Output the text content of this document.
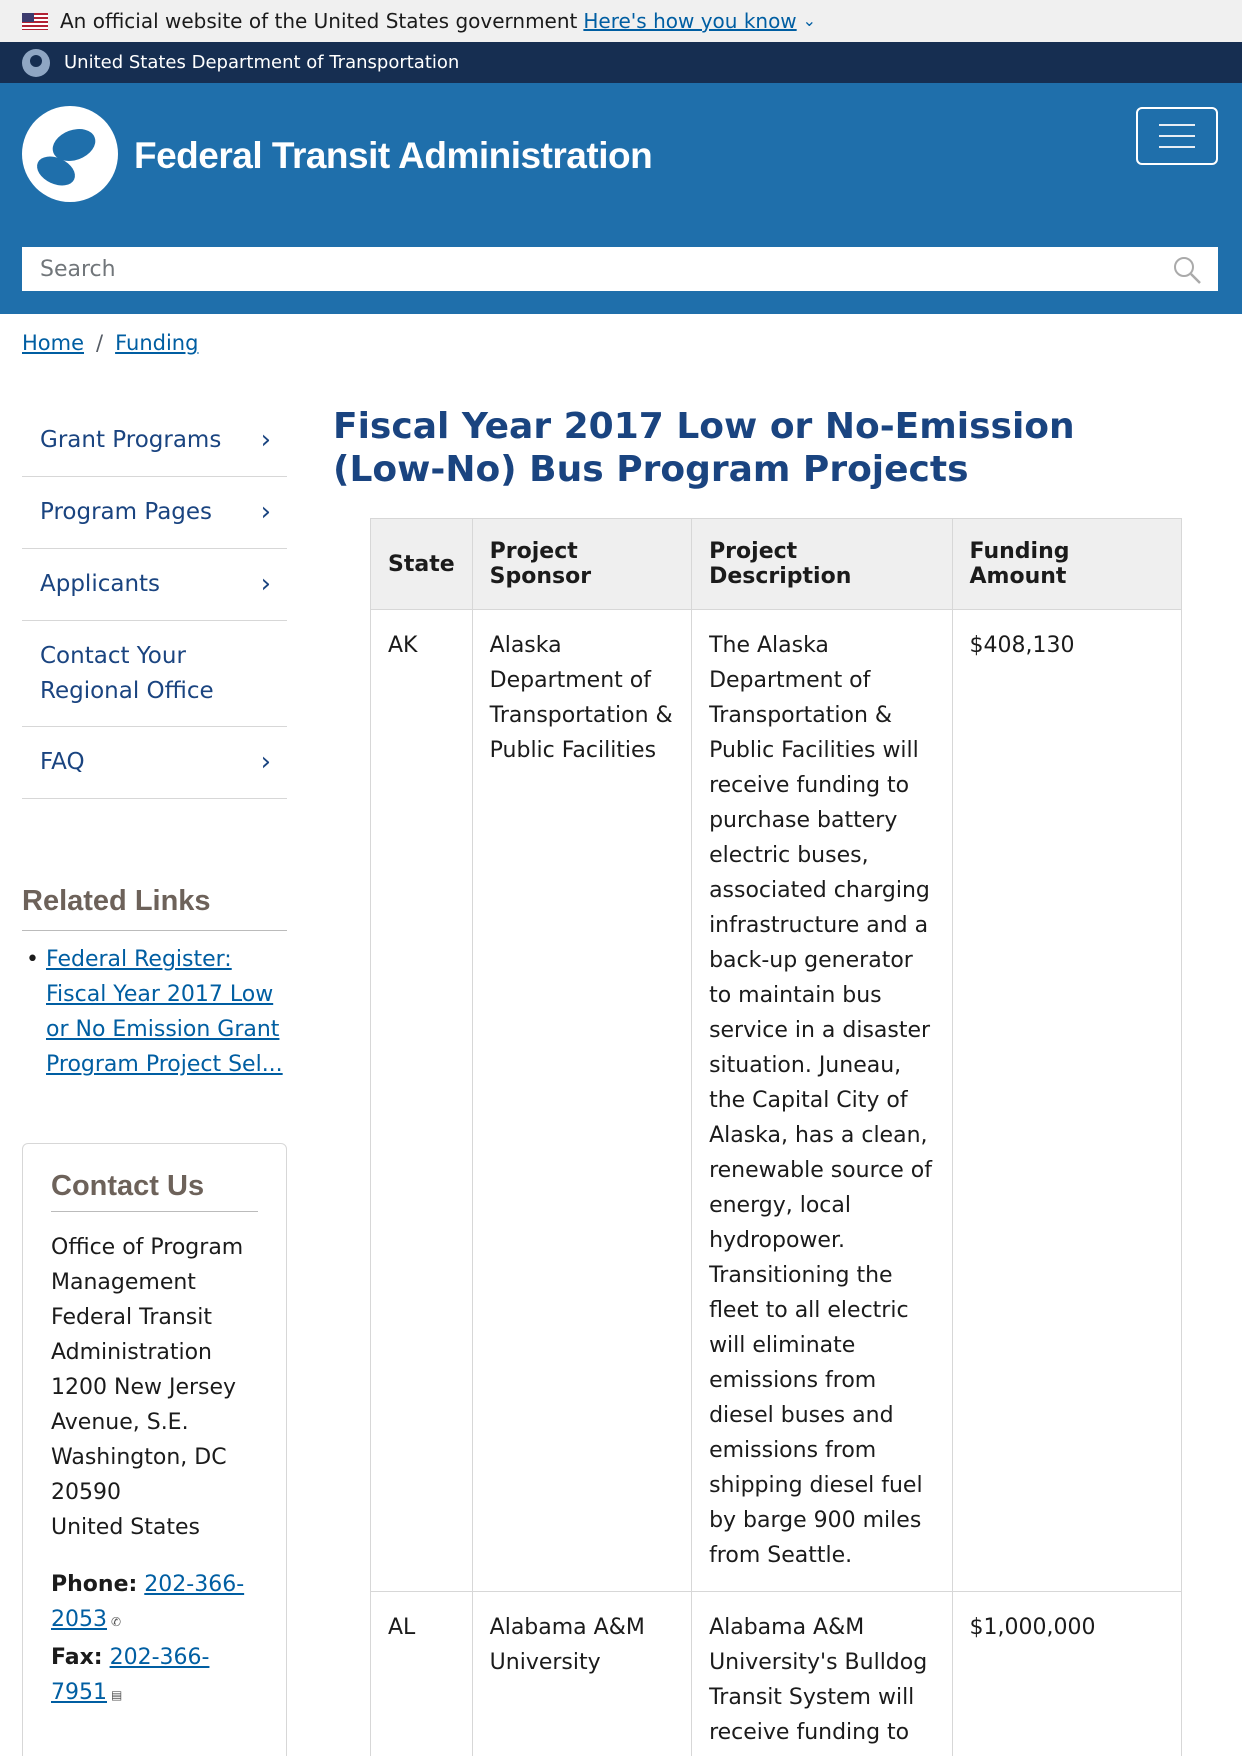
An official website of the United States government Here's how you know ⌄
United States Department of Transportation
Federal Transit Administration
Search
Home / Funding
Grant Programs ›
Program Pages ›
Applicants	›
Contact Your Regional Office
FAQ	›
Related Links
• Federal Register: Fiscal Year 2017 Low or No Emission Grant Program Project Sel...
Contact Us
Office of Program Management
Federal Transit Administration
1200 New Jersey Avenue, S.E.
Washington, DC 20590
United States
Phone: 202-366-2053 ✆
Fax: 202-366-7951 ▤
Fiscal Year 2017 Low or No-Emission (Low-No) Bus Program Projects
State	Project Sponsor	Project Description	Funding Amount
AK	Alaska Department of Transportation & Public Facilities	The Alaska Department of Transportation & Public Facilities will receive funding to purchase battery electric buses, associated charging infrastructure and a back-up generator to maintain bus service in a disaster situation. Juneau, the Capital City of Alaska, has a clean, renewable source of energy, local hydropower. Transitioning the fleet to all electric will eliminate emissions from diesel buses and emissions from shipping diesel fuel by barge 900 miles from Seattle.	$408,130
AL	Alabama A&M University	Alabama A&M University's Bulldog Transit System will receive funding to	$1,000,000
